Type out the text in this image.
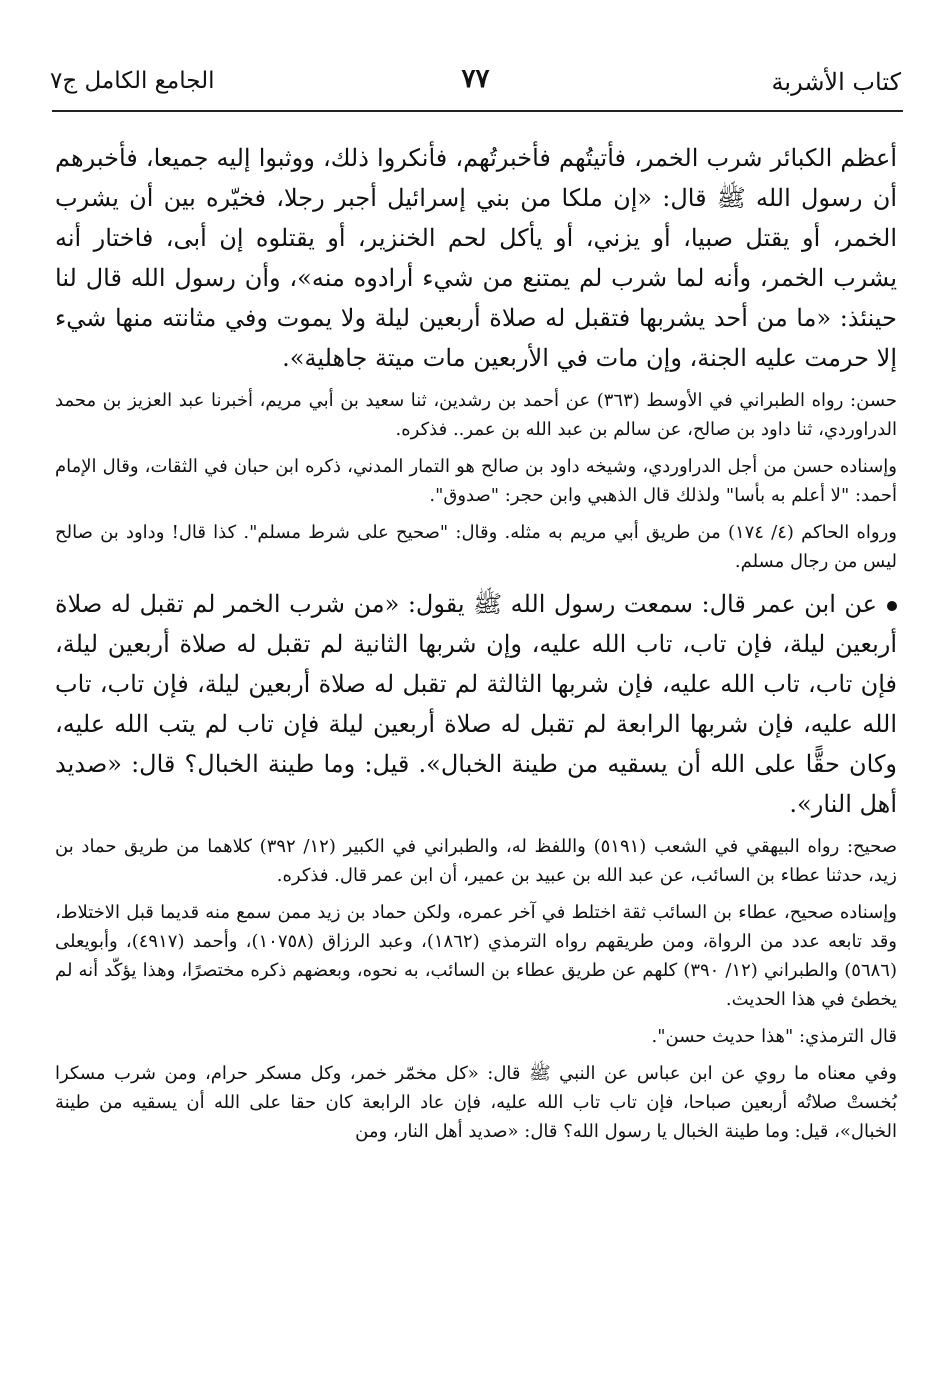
كتاب الأشربة
٧٧
الجامع الكامل ج٧

أعظم الكبائر شرب الخمر، فأتيتُهم فأخبرتُهم، فأنكروا ذلك، ووثبوا إليه جميعا، فأخبرهم أن رسول الله ﷺ قال: «إن ملكا من بني إسرائيل أجبر رجلا، فخيّره بين أن يشرب الخمر، أو يقتل صبيا، أو يزني، أو يأكل لحم الخنزير، أو يقتلوه إن أبى، فاختار أنه يشرب الخمر، وأنه لما شرب لم يمتنع من شيء أرادوه منه»، وأن رسول الله قال لنا حينئذ: «ما من أحد يشربها فتقبل له صلاة أربعين ليلة ولا يموت وفي مثانته منها شيء إلا حرمت عليه الجنة، وإن مات في الأربعين مات ميتة جاهلية».

حسن: رواه الطبراني في الأوسط (٣٦٣) عن أحمد بن رشدين، ثنا سعيد بن أبي مريم، أخبرنا عبد العزيز بن محمد الدراوردي، ثنا داود بن صالح، عن سالم بن عبد الله بن عمر.. فذكره.

وإسناده حسن من أجل الدراوردي، وشيخه داود بن صالح هو التمار المدني، ذكره ابن حبان في الثقات، وقال الإمام أحمد: "لا أعلم به بأسا" ولذلك قال الذهبي وابن حجر: "صدوق".

ورواه الحاكم (٤/ ١٧٤) من طريق أبي مريم به مثله. وقال: "صحيح على شرط مسلم". كذا قال! وداود بن صالح ليس من رجال مسلم.

عن ابن عمر قال: سمعت رسول الله ﷺ يقول: «من شرب الخمر لم تقبل له صلاة أربعين ليلة، فإن تاب، تاب الله عليه، وإن شربها الثانية لم تقبل له صلاة أربعين ليلة، فإن تاب، تاب الله عليه، فإن شربها الثالثة لم تقبل له صلاة أربعين ليلة، فإن تاب، تاب الله عليه، فإن شربها الرابعة لم تقبل له صلاة أربعين ليلة فإن تاب لم يتب الله عليه، وكان حقًّا على الله أن يسقيه من طينة الخبال». قيل: وما طينة الخبال؟ قال: «صديد أهل النار».

صحيح: رواه البيهقي في الشعب (٥١٩١) واللفظ له، والطبراني في الكبير (١٢/ ٣٩٢) كلاهما من طريق حماد بن زيد، حدثنا عطاء بن السائب، عن عبد الله بن عبيد بن عمير، أن ابن عمر قال. فذكره.

وإسناده صحيح، عطاء بن السائب ثقة اختلط في آخر عمره، ولكن حماد بن زيد ممن سمع منه قديما قبل الاختلاط، وقد تابعه عدد من الرواة، ومن طريقهم رواه الترمذي (١٨٦٢)، وعبد الرزاق (١٠٧٥٨)، وأحمد (٤٩١٧)، وأبويعلى (٥٦٨٦) والطبراني (١٢/ ٣٩٠) كلهم عن طريق عطاء بن السائب، به نحوه، وبعضهم ذكره مختصرًا، وهذا يؤكّد أنه لم يخطئ في هذا الحديث.

قال الترمذي: "هذا حديث حسن".

وفي معناه ما روي عن ابن عباس عن النبي ﷺ قال: «كل مخمّر خمر، وكل مسكر حرام، ومن شرب مسكرا بُخستْ صلاتُه أربعين صباحا، فإن تاب تاب الله عليه، فإن عاد الرابعة كان حقا على الله أن يسقيه من طينة الخبال»، قيل: وما طينة الخبال يا رسول الله؟ قال: «صديد أهل النار، ومن
